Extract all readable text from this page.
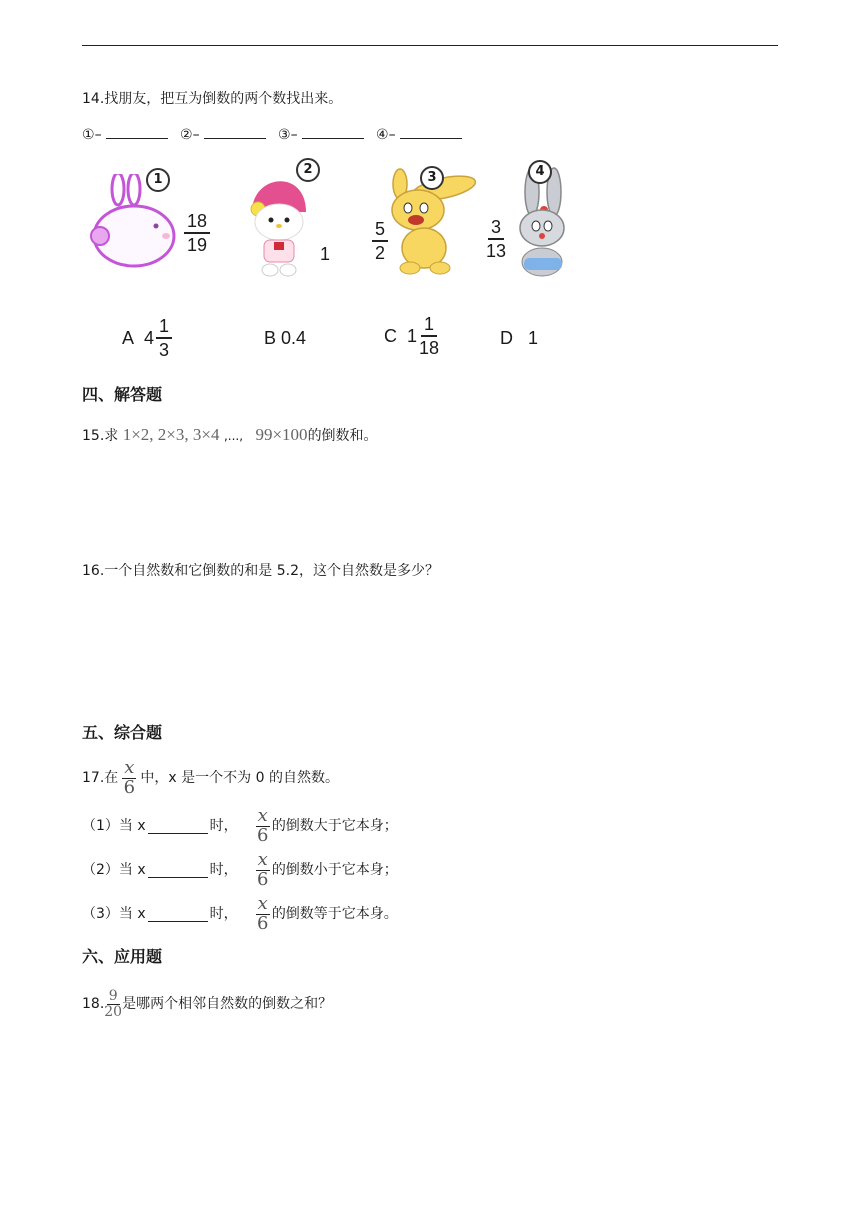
14.找朋友，把互为倒数的两个数找出来。
①–	②–	③–	④–
1
$\frac{18}{19}$
2
1
3
$\frac{5}{2}$
4
$\frac{3}{13}$
A
$4 \frac{1}{3}$	B
0.4	C
$1 \frac{1}{18}$	D
1
四、解答题
15.求 1×2, 2×3, 3×4 ,..., 99×100的倒数和。
16.一个自然数和它倒数的和是 5.2，这个自然数是多少？
五、综合题
17.在 $\frac{x}{6}$ 中，x 是一个不为 0 的自然数。
（1）当 x	时， $\frac{x}{6}$ 的倒数大于它本身；
（2）当 x	时， $\frac{x}{6}$ 的倒数小于它本身；
（3）当 x	时， $\frac{x}{6}$ 的倒数等于它本身。
六、应用题
18. $\frac{9}{20}$ 是哪两个相邻自然数的倒数之和？
